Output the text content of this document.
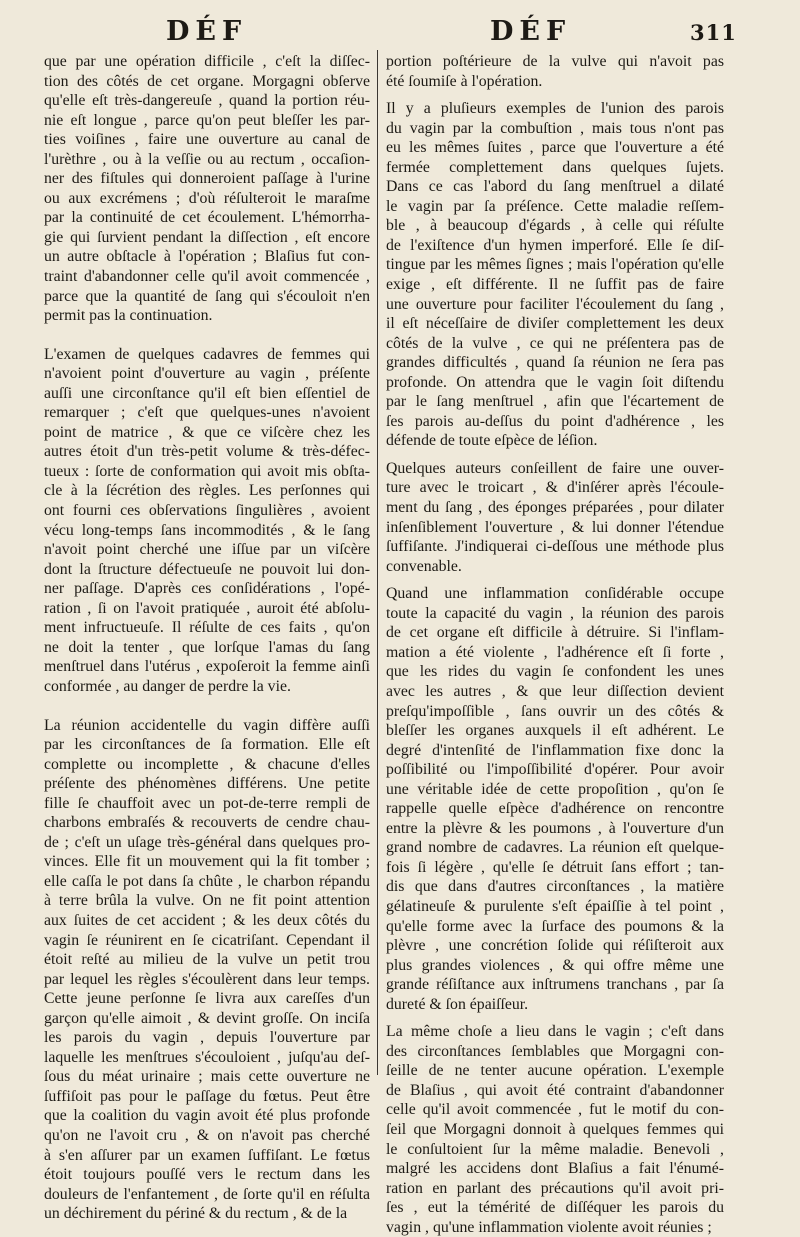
DÉF	DÉF	311

que par une opération difficile , c'eſt la diſſec-
tion des côtés de cet organe. Morgagni obſerve
qu'elle eſt très-dangereuſe , quand la portion réu-
nie eſt longue , parce qu'on peut bleſſer les par-
ties voiſines , faire une ouverture au canal de
l'urèthre , ou à la veſſie ou au rectum , occaſion-
ner des fiſtules qui donneroient paſſage à l'urine
ou aux excrémens ; d'où réſulteroit le maraſme
par la continuité de cet écoulement. L'hémorrha-
gie qui ſurvient pendant la diſſection , eſt encore
un autre obſtacle à l'opération ; Blaſius fut con-
traint d'abandonner celle qu'il avoit commencée ,
parce que la quantité de ſang qui s'écouloit n'en
permit pas la continuation.

L'examen de quelques cadavres de femmes qui
n'avoient point d'ouverture au vagin , préſente
auſſi une circonſtance qu'il eſt bien eſſentiel de
remarquer ; c'eſt que quelques-unes n'avoient
point de matrice , & que ce viſcère chez les
autres étoit d'un très-petit volume & très-défec-
tueux : ſorte de conformation qui avoit mis obſta-
cle à la ſécrétion des règles. Les perſonnes qui
ont fourni ces obſervations ſingulières , avoient
vécu long-temps ſans incommodités , & le ſang
n'avoit point cherché une iſſue par un viſcère
dont la ſtructure défectueuſe ne pouvoit lui don-
ner paſſage. D'après ces conſidérations , l'opé-
ration , ſi on l'avoit pratiquée , auroit été abſolu-
ment infructueuſe. Il réſulte de ces faits , qu'on
ne doit la tenter , que lorſque l'amas du ſang
menſtruel dans l'utérus , expoſeroit la femme ainſi
conformée , au danger de perdre la vie.

La réunion accidentelle du vagin diffère auſſi
par les circonſtances de ſa formation. Elle eſt
complette ou incomplette , & chacune d'elles
préſente des phénomènes différens. Une petite
fille ſe chauffoit avec un pot-de-terre rempli de
charbons embraſés & recouverts de cendre chau-
de ; c'eſt un uſage très-général dans quelques pro-
vinces. Elle fit un mouvement qui la fit tomber ;
elle caſſa le pot dans ſa chûte , le charbon répandu
à terre brûla la vulve. On ne fit point attention
aux ſuites de cet accident ; & les deux côtés du
vagin ſe réunirent en ſe cicatriſant. Cependant il
étoit reſté au milieu de la vulve un petit trou
par lequel les règles s'écoulèrent dans leur temps.
Cette jeune perſonne ſe livra aux careſſes d'un
garçon qu'elle aimoit , & devint groſſe. On inciſa
les parois du vagin , depuis l'ouverture par
laquelle les menſtrues s'écouloient , juſqu'au deſ-
ſous du méat urinaire ; mais cette ouverture ne
ſuffiſoit pas pour le paſſage du fœtus. Peut être
que la coalition du vagin avoit été plus profonde
qu'on ne l'avoit cru , & on n'avoit pas cherché
à s'en aſſurer par un examen ſuffiſant. Le fœtus
étoit toujours pouſſé vers le rectum dans les
douleurs de l'enfantement , de ſorte qu'il en réſulta
un déchirement du périné & du rectum , & de la

portion poſtérieure de la vulve qui n'avoit pas
été ſoumiſe à l'opération.

Il y a pluſieurs exemples de l'union des parois
du vagin par la combuſtion , mais tous n'ont pas
eu les mêmes ſuites , parce que l'ouverture a été
fermée complettement dans quelques ſujets.
Dans ce cas l'abord du ſang menſtruel a dilaté
le vagin par ſa préſence. Cette maladie reſſem-
ble , à beaucoup d'égards , à celle qui réſulte
de l'exiſtence d'un hymen imperforé. Elle ſe diſ-
tingue par les mêmes ſignes ; mais l'opération qu'elle
exige , eſt différente. Il ne ſuffit pas de faire
une ouverture pour faciliter l'écoulement du ſang ,
il eſt néceſſaire de diviſer complettement les deux
côtés de la vulve , ce qui ne préſentera pas de
grandes difficultés , quand ſa réunion ne ſera pas
profonde. On attendra que le vagin ſoit diſtendu
par le ſang menſtruel , afin que l'écartement de
ſes parois au-deſſus du point d'adhérence , les
défende de toute eſpèce de léſion.

Quelques auteurs conſeillent de faire une ouver-
ture avec le troicart , & d'inſérer après l'écoule-
ment du ſang , des éponges préparées , pour dilater
inſenſiblement l'ouverture , & lui donner l'étendue
ſuffiſante. J'indiquerai ci-deſſous une méthode plus
convenable.

Quand une inflammation conſidérable occupe
toute la capacité du vagin , la réunion des parois
de cet organe eſt difficile à détruire. Si l'inflam-
mation a été violente , l'adhérence eſt ſi forte ,
que les rides du vagin ſe confondent les unes
avec les autres , & que leur diſſection devient
preſqu'impoſſible , ſans ouvrir un des côtés &
bleſſer les organes auxquels il eſt adhérent. Le
degré d'intenſité de l'inflammation fixe donc la
poſſibilité ou l'impoſſibilité d'opérer. Pour avoir
une véritable idée de cette propoſition , qu'on ſe
rappelle quelle eſpèce d'adhérence on rencontre
entre la plèvre & les poumons , à l'ouverture d'un
grand nombre de cadavres. La réunion eſt quelque-
fois ſi légère , qu'elle ſe détruit ſans effort ; tan-
dis que dans d'autres circonſtances , la matière
gélatineuſe & purulente s'eſt épaiſſie à tel point ,
qu'elle forme avec la ſurface des poumons & la
plèvre , une concrétion ſolide qui réſiſteroit aux
plus grandes violences , & qui offre même une
grande réſiſtance aux inſtrumens tranchans , par ſa
dureté & ſon épaiſſeur.

La même choſe a lieu dans le vagin ; c'eſt dans
des circonſtances ſemblables que Morgagni con-
ſeille de ne tenter aucune opération. L'exemple
de Blaſius , qui avoit été contraint d'abandonner
celle qu'il avoit commencée , fut le motif du con-
ſeil que Morgagni donnoit à quelques femmes qui
le conſultoient ſur la même maladie. Benevoli ,
malgré les accidens dont Blaſius a fait l'énumé-
ration en parlant des précautions qu'il avoit pri-
ſes , eut la témérité de diſſéquer les parois du
vagin , qu'une inflammation violente avoit réunies ;
